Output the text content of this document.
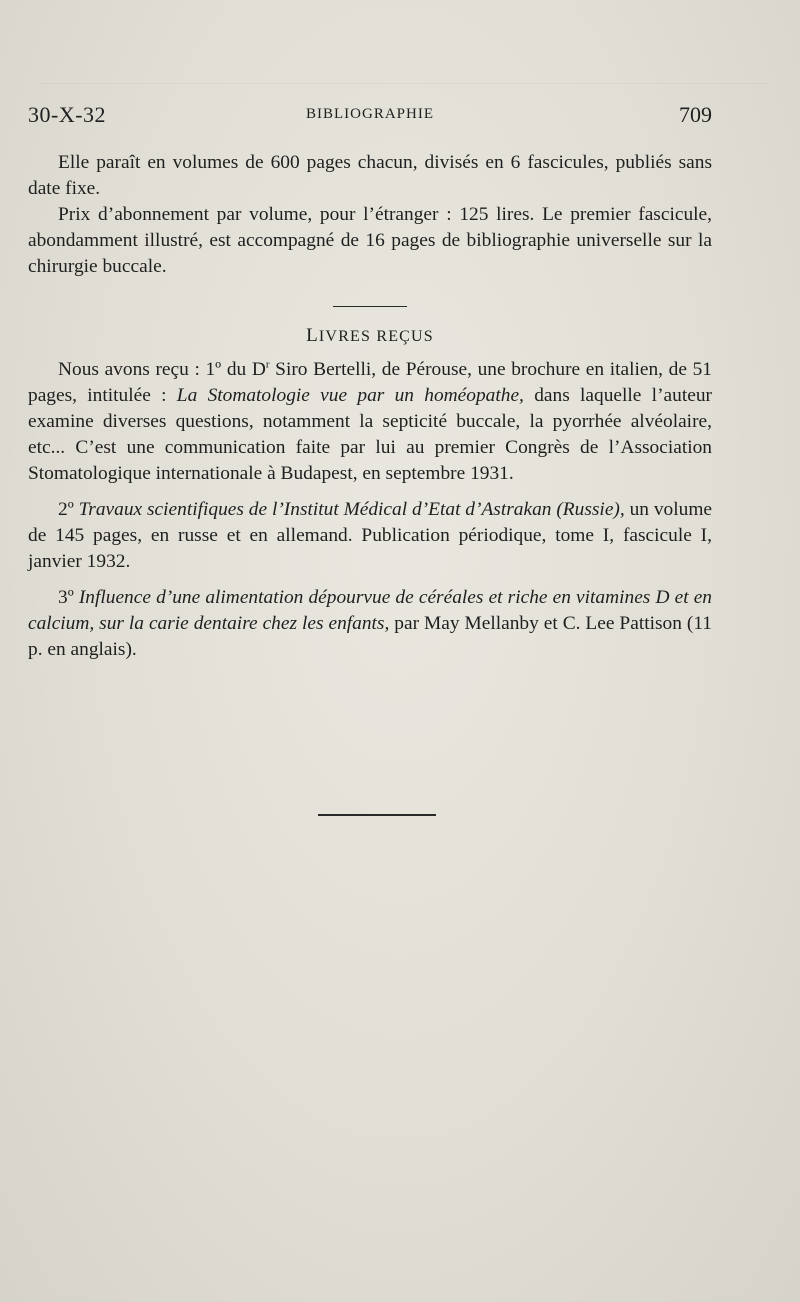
30-X-32	BIBLIOGRAPHIE	709

Elle paraît en volumes de 600 pages chacun, divisés en 6 fascicules, publiés sans date fixe.

Prix d’abonnement par volume, pour l’étranger : 125 lires. Le premier fascicule, abondamment illustré, est accompagné de 16 pages de bibliographie universelle sur la chirurgie buccale.

LIVRES REÇUS

Nous avons reçu : 1º du $D^r$ Siro Bertelli, de Pérouse, une brochure en italien, de 51 pages, intitulée : La Stomatologie vue par un homéopathe, dans laquelle l’auteur examine diverses questions, notamment la septicité buccale, la pyorrhée alvéolaire, etc... C’est une communication faite par lui au premier Congrès de l’Association Stomatologique internationale à Budapest, en septembre 1931.

2º Travaux scientifiques de l’Institut Médical d’Etat d’Astrakan (Russie), un volume de 145 pages, en russe et en allemand. Publication périodique, tome I, fascicule I, janvier 1932.

3º Influence d’une alimentation dépourvue de céréales et riche en vitamines D et en calcium, sur la carie dentaire chez les enfants, par May Mellanby et C. Lee Pattison (11 p. en anglais).
